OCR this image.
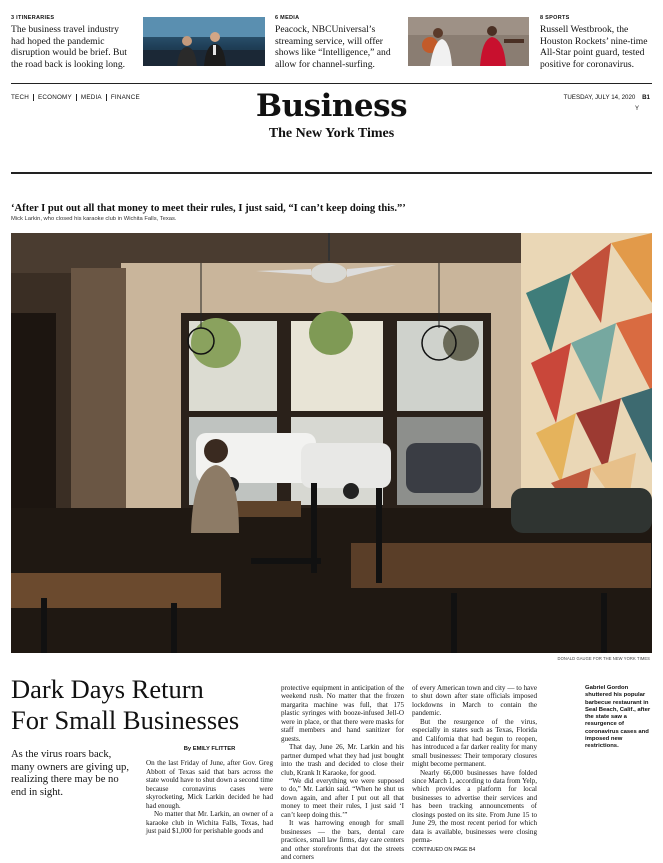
3 ITINERARIES
The business travel industry had hoped the pandemic disruption would be brief. But the road back is looking long.
6 MEDIA
Peacock, NBCUniversal’s streaming service, will offer shows like “Intelligence,” and allow for channel-surfing.
8 SPORTS
Russell Westbrook, the Houston Rockets’ nine-time All-Star point guard, tested positive for coronavirus.
TECH	ECONOMY	MEDIA	FINANCE	Business
The New York Times
TUESDAY, JULY 14, 2020 B1
Y
‘After I put out all that money to meet their rules, I just said, “I can’t keep doing this.”’
Mick Larkin, who closed his karaoke club in Wichita Falls, Texas.
DONALD GAUGE FOR THE NEW YORK TIMES
Dark Days Return
For Small Businesses
As the virus roars back, many owners are giving up, realizing there may be no end in sight.
By EMILY FLITTER

On the last Friday of June, after Gov. Greg Abbott of Texas said that bars across the state would have to shut down a second time because coronavirus cases were skyrocketing, Mick Larkin decided he had had enough.

No matter that Mr. Larkin, an owner of a karaoke club in Wichita Falls, Texas, had just paid $1,000 for perishable goods and

protective equipment in anticipation of the weekend rush. No matter that the frozen margarita machine was full, that 175 plastic syringes with booze-infused Jell-O were in place, or that there were masks for staff members and hand sanitizer for guests.

That day, June 26, Mr. Larkin and his partner dumped what they had just bought into the trash and decided to close their club, Krank It Karaoke, for good.

“We did everything we were supposed to do,” Mr. Larkin said. “When he shut us down again, and after I put out all that money to meet their rules, I just said ‘I can’t keep doing this.’”

It was harrowing enough for small businesses — the bars, dental care practices, small law firms, day care centers and other storefronts that dot the streets and corners

of every American town and city — to have to shut down after state officials imposed lockdowns in March to contain the pandemic.

But the resurgence of the virus, especially in states such as Texas, Florida and California that had begun to reopen, has introduced a far darker reality for many small businesses: Their temporary closures might become permanent.

Nearly 66,000 businesses have folded since March 1, according to data from Yelp, which provides a platform for local businesses to advertise their services and has been tracking announcements of closings posted on its site. From June 15 to June 29, the most recent period for which data is available, businesses were closing perma-

CONTINUED ON PAGE B4

Gabriel Gordon shuttered his popular barbecue restaurant in Seal Beach, Calif., after the state saw a resurgence of coronavirus cases and imposed new restrictions.
